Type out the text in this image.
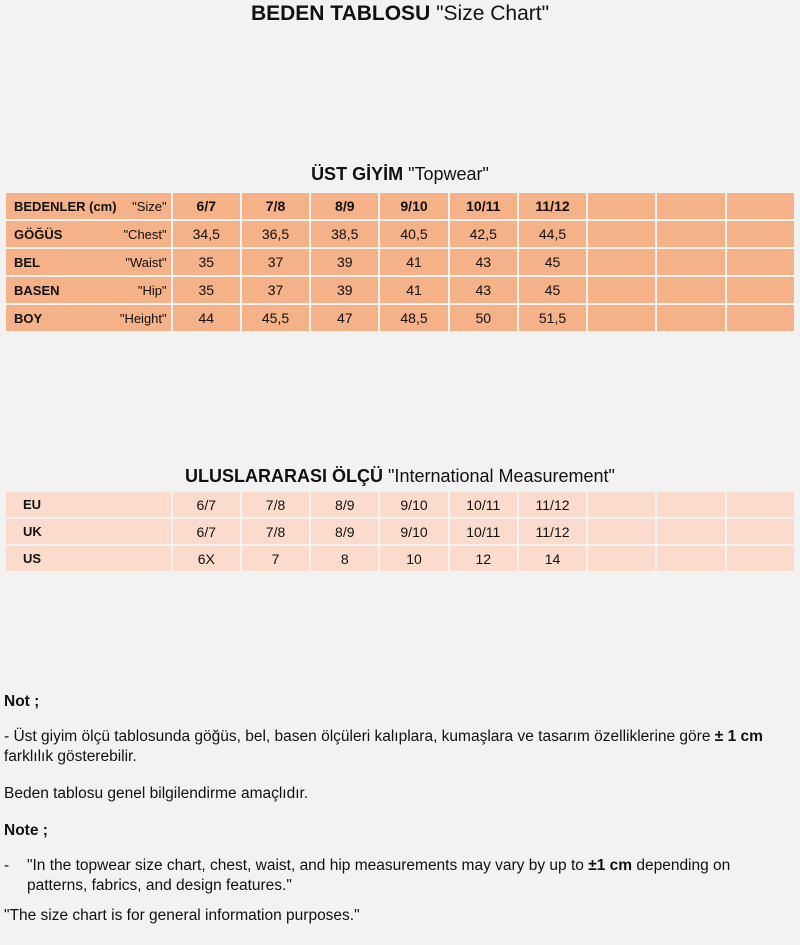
BEDEN TABLOSU "Size Chart"
ÜST GİYİM "Topwear"
BEDENLER (cm) "Size"	6/7	7/8	8/9	9/10	10/11	11/12			

GÖĞÜS "Chest"	34,5	36,5	38,5	40,5	42,5	44,5			

BEL "Waist"	35	37	39	41	43	45			

BASEN "Hip"	35	37	39	41	43	45			

BOY "Height"	44	45,5	47	48,5	50	51,5			
ULUSLARARASI ÖLÇÜ "International Measurement"
EU	6/7	7/8	8/9	9/10	10/11	11/12			
UK	6/7	7/8	8/9	9/10	10/11	11/12			
US	6X	7	8	10	12	14			

Not ;

- Üst giyim ölçü tablosunda göğüs, bel, basen ölçüleri kalıplara, kumaşlara ve tasarım özelliklerine göre ± 1 cm farklılık gösterebilir.

Beden tablosu genel bilgilendirme amaçlıdır.

Note ;

-	"In the topwear size chart, chest, waist, and hip measurements may vary by up to ±1 cm depending on patterns, fabrics, and design features."

"The size chart is for general information purposes."
